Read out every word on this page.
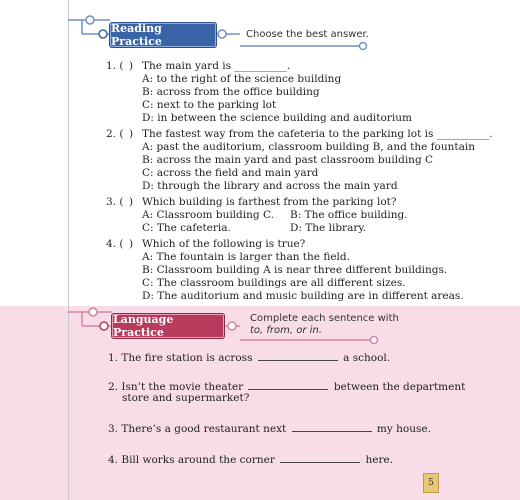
Reading Practice
Choose the best answer.
1. ( ) The main yard is __________.
A: to the right of the science building
B: across from the office building
C: next to the parking lot
D: in between the science building and auditorium
2. ( ) The fastest way from the cafeteria to the parking lot is __________.
A: past the auditorium, classroom building B, and the fountain
B: across the main yard and past classroom building C
C: across the field and main yard
D: through the library and across the main yard
3. ( ) Which building is farthest from the parking lot?
A: Classroom building C. B: The office building.
C: The cafeteria.	D: The library.
4. ( ) Which of the following is true?
A: The fountain is larger than the field.
B: Classroom building A is near three different buildings.
C: The classroom buildings are all different sizes.
D: The auditorium and music building are in different areas.
Language Practice
Complete each sentence with
to, from, or in.
1. The fire station is across	a school.
2. Isn’t the movie theater	between the department
store and supermarket?
3. There’s a good restaurant next	my house.
4. Bill works around the corner	here.
5
